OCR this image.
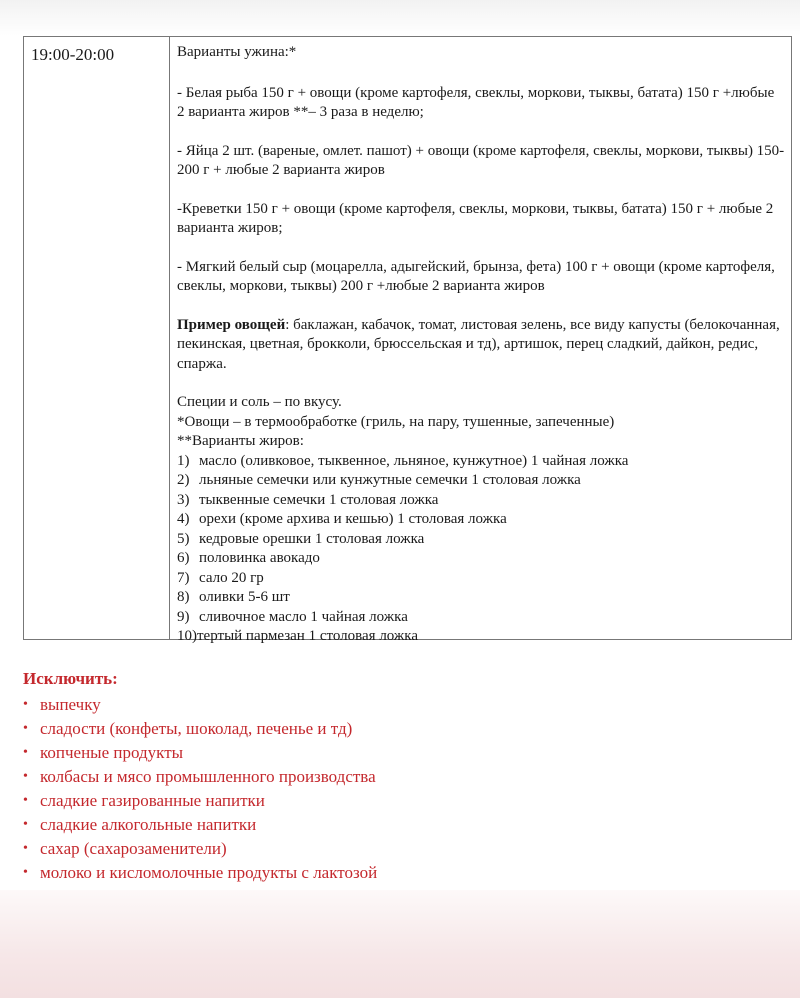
19:00-20:00	Варианты ужина:*

- Белая рыба 150 г + овощи (кроме картофеля, свеклы, моркови, тыквы, батата) 150 г +любые 2 варианта жиров **– 3 раза в неделю;

- Яйца 2 шт. (вареные, омлет. пашот) + овощи (кроме картофеля, свеклы, моркови, тыквы) 150-200 г + любые 2 варианта жиров

-Креветки 150 г + овощи (кроме картофеля, свеклы, моркови, тыквы, батата) 150 г + любые 2 варианта жиров;

- Мягкий белый сыр (моцарелла, адыгейский, брынза, фета) 100 г + овощи (кроме картофеля, свеклы, моркови, тыквы) 200 г +любые 2 варианта жиров

Пример овощей: баклажан, кабачок, томат, листовая зелень, все виду капусты (белокочанная, пекинская, цветная, брокколи, брюссельская и тд), артишок, перец сладкий, дайкон, редис, спаржа.

Специи и соль – по вкусу.

*Овощи – в термообработке (гриль, на пару, тушенные, запеченные)

**Варианты жиров:

1) масло (оливковое, тыквенное, льняное, кунжутное) 1 чайная ложка
2) льняные семечки или кунжутные семечки 1 столовая ложка
3) тыквенные семечки 1 столовая ложка
4) орехи (кроме архива и кешью) 1 столовая ложка
5) кедровые орешки 1 столовая ложка
6) половинка авокадо
7) сало 20 гр
8) оливки 5-6 шт
9) сливочное масло 1 чайная ложка
10) тертый пармезан 1 столовая ложка

Исключить:

• выпечку
• сладости (конфеты, шоколад, печенье и тд)
• копченые продукты
• колбасы и мясо промышленного производства
• сладкие газированные напитки
• сладкие алкогольные напитки
• сахар (сахарозаменители)
• молоко и кисломолочные продукты с лактозой
